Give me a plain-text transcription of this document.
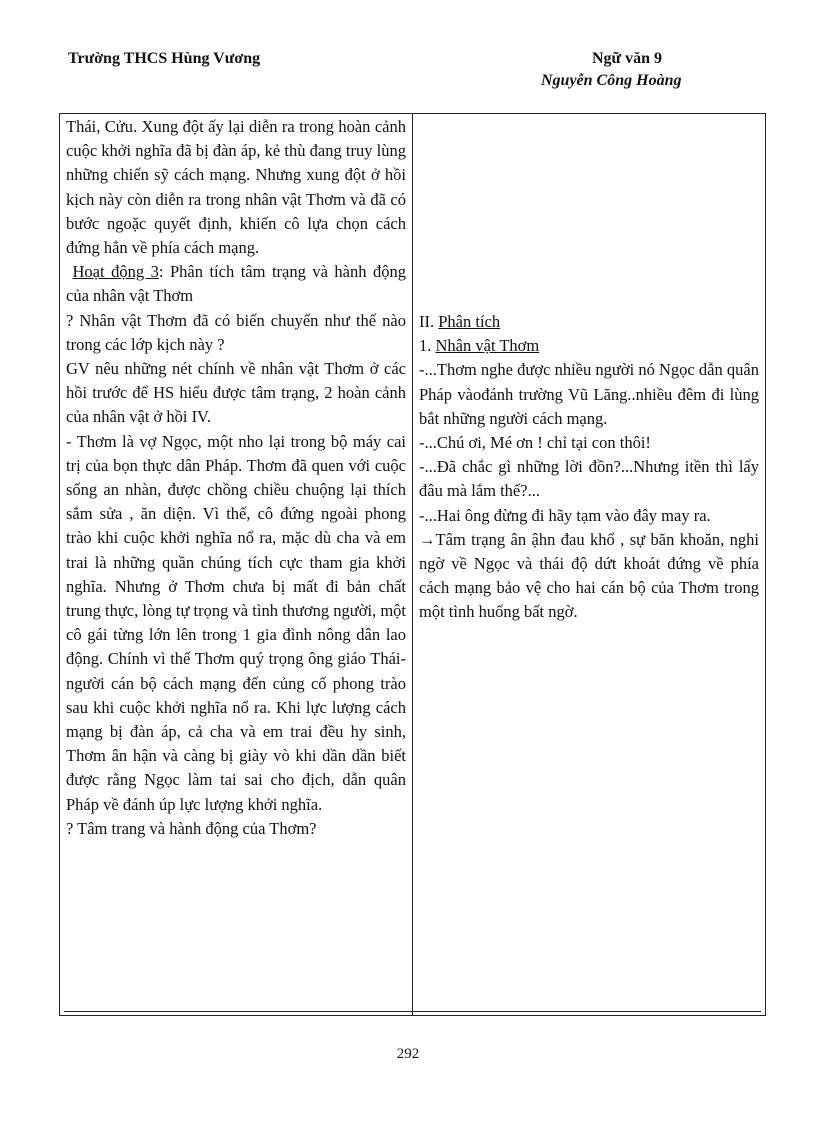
Trường THCS Hùng Vương	Ngữ văn 9
Nguyễn Công Hoàng

Thái, Cửu. Xung đột ấy lại diễn ra trong hoàn cảnh cuộc khởi nghĩa đã bị đàn áp, kẻ thù đang truy lùng những chiến sỹ cách mạng. Nhưng xung đột ở hồi kịch này còn diễn ra trong nhân vật Thơm và đã có bước ngoặc quyết định, khiến cô lựa chọn cách đứng hẳn về phía cách mạng.

Hoạt động 3: Phân tích tâm trạng và hành động của nhân vật Thơm

? Nhân vật Thơm đã có biến chuyển như thế nào trong các lớp kịch này ?

GV nêu những nét chính về nhân vật Thơm ở các hồi trước để HS hiểu được tâm trạng, 2 hoàn cảnh của nhân vật ở hồi IV.

- Thơm là vợ Ngọc, một nho lại trong bộ máy cai trị của bọn thực dân Pháp. Thơm đã quen với cuộc sống an nhàn, được chồng chiều chuộng lại thích sắm sửa , ăn diện. Vì thế, cô đứng ngoài phong trào khi cuộc khởi nghĩa nổ ra, mặc dù cha và em trai là những quần chúng tích cực tham gia khởi nghĩa. Nhưng ở Thơm chưa bị mất đi bản chất trung thực, lòng tự trọng và tình thương người, một cô gái từng lớn lên trong 1 gia đình nông dân lao động. Chính vì thế Thơm quý trọng ông giáo Thái- người cán bộ cách mạng đến củng cố phong trào sau khi cuộc khởi nghĩa nổ ra. Khi lực lượng cách mạng bị đàn áp, cả cha và em trai đều hy sinh, Thơm ân hận và càng bị giày vò khi dần dần biết được rằng Ngọc làm tai sai cho địch, dẫn quân Pháp về đánh úp lực lượng khởi nghĩa.

? Tâm trang và hành động của Thơm?

II. Phân tích

1. Nhân vật Thơm

-...Thơm nghe được nhiều người nó Ngọc dẫn quân Pháp vàođánh trường Vũ Lăng..nhiều đêm đi lùng bắt những người cách mạng.

-...Chú ơi, Mé ơn ! chỉ tại con thôi!

-...Đã chắc gì những lời đồn?...Nhưng itền thì lấy đâu mà lắm thế?...

-...Hai ông đừng đi hãy tạm vào đây may ra.

→Tâm trạng ân ậhn đau khổ , sự băn khoăn, nghi ngờ về Ngọc và thái độ dứt khoát đứng về phía cách mạng bảo vệ cho hai cán bộ của Thơm trong một tình huống bất ngờ.

292
